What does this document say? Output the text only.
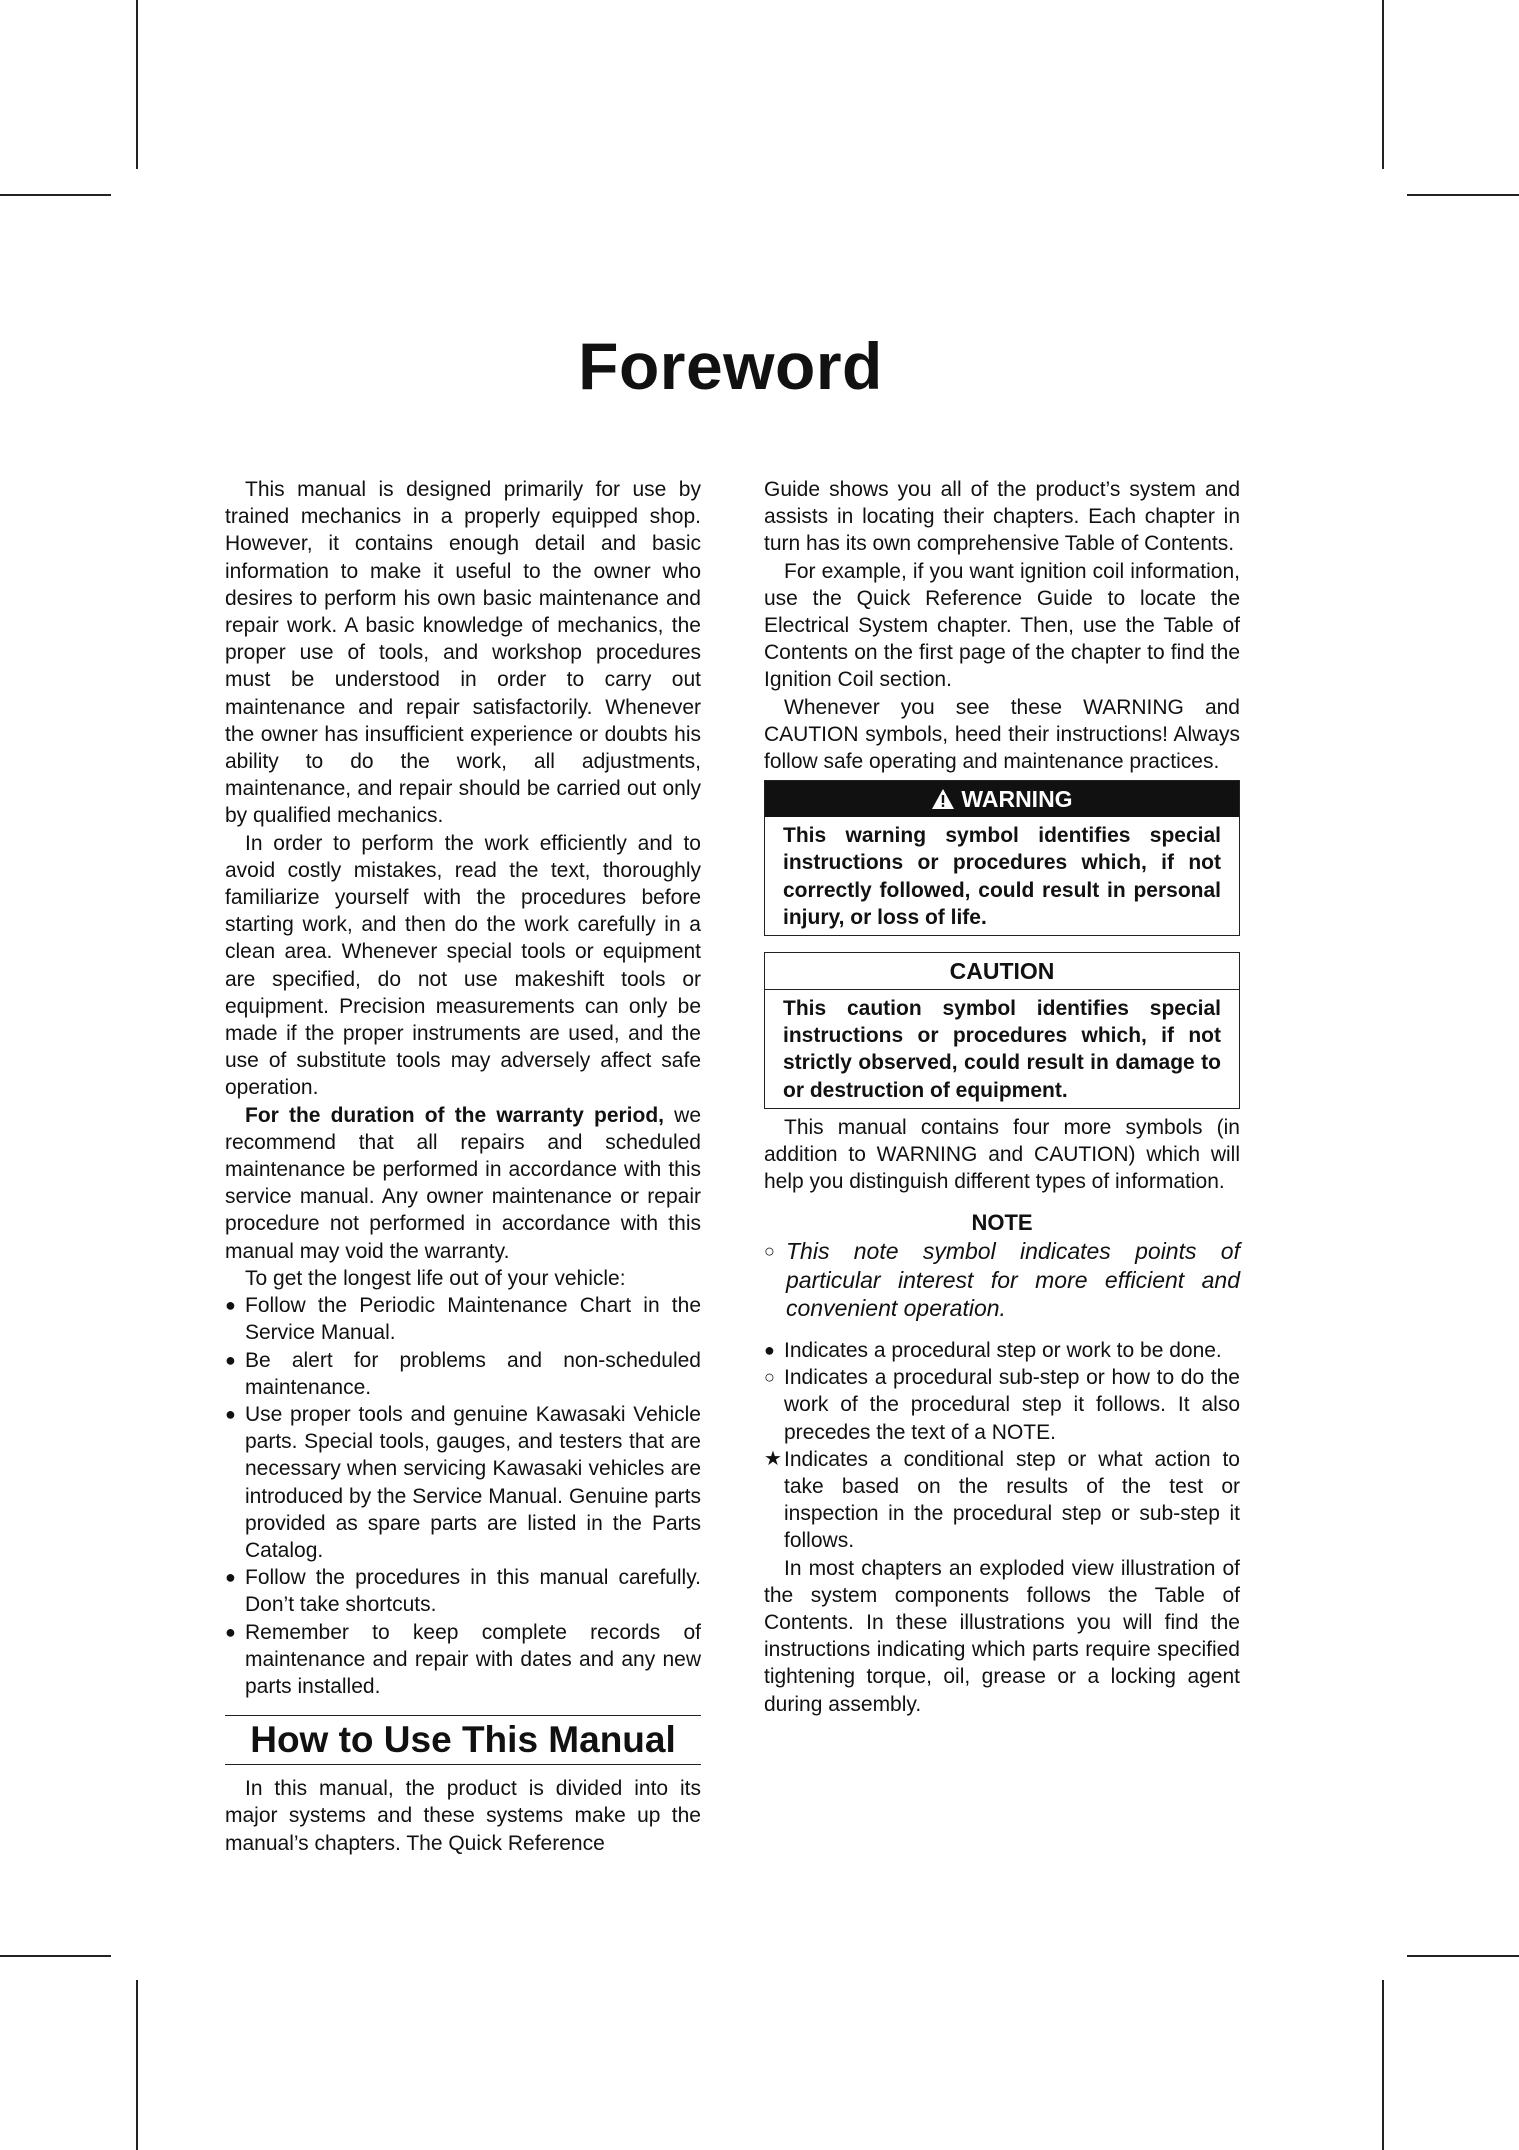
Foreword

This manual is designed primarily for use by trained mechanics in a properly equipped shop. However, it contains enough detail and basic information to make it useful to the owner who desires to perform his own basic maintenance and repair work. A basic knowledge of mechanics, the proper use of tools, and workshop procedures must be understood in order to carry out maintenance and repair satisfactorily. Whenever the owner has insufficient experience or doubts his ability to do the work, all adjustments, maintenance, and repair should be carried out only by qualified mechanics.

In order to perform the work efficiently and to avoid costly mistakes, read the text, thoroughly familiarize yourself with the procedures before starting work, and then do the work carefully in a clean area. Whenever special tools or equipment are specified, do not use makeshift tools or equipment. Precision measurements can only be made if the proper instruments are used, and the use of substitute tools may adversely affect safe operation.

For the duration of the warranty period, we recommend that all repairs and scheduled maintenance be performed in accordance with this service manual. Any owner maintenance or repair procedure not performed in accordance with this manual may void the warranty.

To get the longest life out of your vehicle:

● Follow the Periodic Maintenance Chart in the Service Manual.
● Be alert for problems and non-scheduled maintenance.
● Use proper tools and genuine Kawasaki Vehicle parts. Special tools, gauges, and testers that are necessary when servicing Kawasaki vehicles are introduced by the Service Manual. Genuine parts provided as spare parts are listed in the Parts Catalog.
● Follow the procedures in this manual carefully. Don’t take shortcuts.
● Remember to keep complete records of maintenance and repair with dates and any new parts installed.
How to Use This Manual

In this manual, the product is divided into its major systems and these systems make up the manual’s chapters. The Quick Reference

Guide shows you all of the product’s system and assists in locating their chapters. Each chapter in turn has its own comprehensive Table of Contents.

For example, if you want ignition coil information, use the Quick Reference Guide to locate the Electrical System chapter. Then, use the Table of Contents on the first page of the chapter to find the Ignition Coil section.

Whenever you see these WARNING and CAUTION symbols, heed their instructions! Always follow safe operating and maintenance practices.

WARNING
This warning symbol identifies special instructions or procedures which, if not correctly followed, could result in personal injury, or loss of life.
CAUTION
This caution symbol identifies special instructions or procedures which, if not strictly observed, could result in damage to or destruction of equipment.

This manual contains four more symbols (in addition to WARNING and CAUTION) which will help you distinguish different types of information.

NOTE
○ This note symbol indicates points of particular interest for more efficient and convenient operation.
● Indicates a procedural step or work to be done.
○ Indicates a procedural sub-step or how to do the work of the procedural step it follows. It also precedes the text of a NOTE.
★ Indicates a conditional step or what action to take based on the results of the test or inspection in the procedural step or sub-step it follows.

In most chapters an exploded view illustration of the system components follows the Table of Contents. In these illustrations you will find the instructions indicating which parts require specified tightening torque, oil, grease or a locking agent during assembly.
